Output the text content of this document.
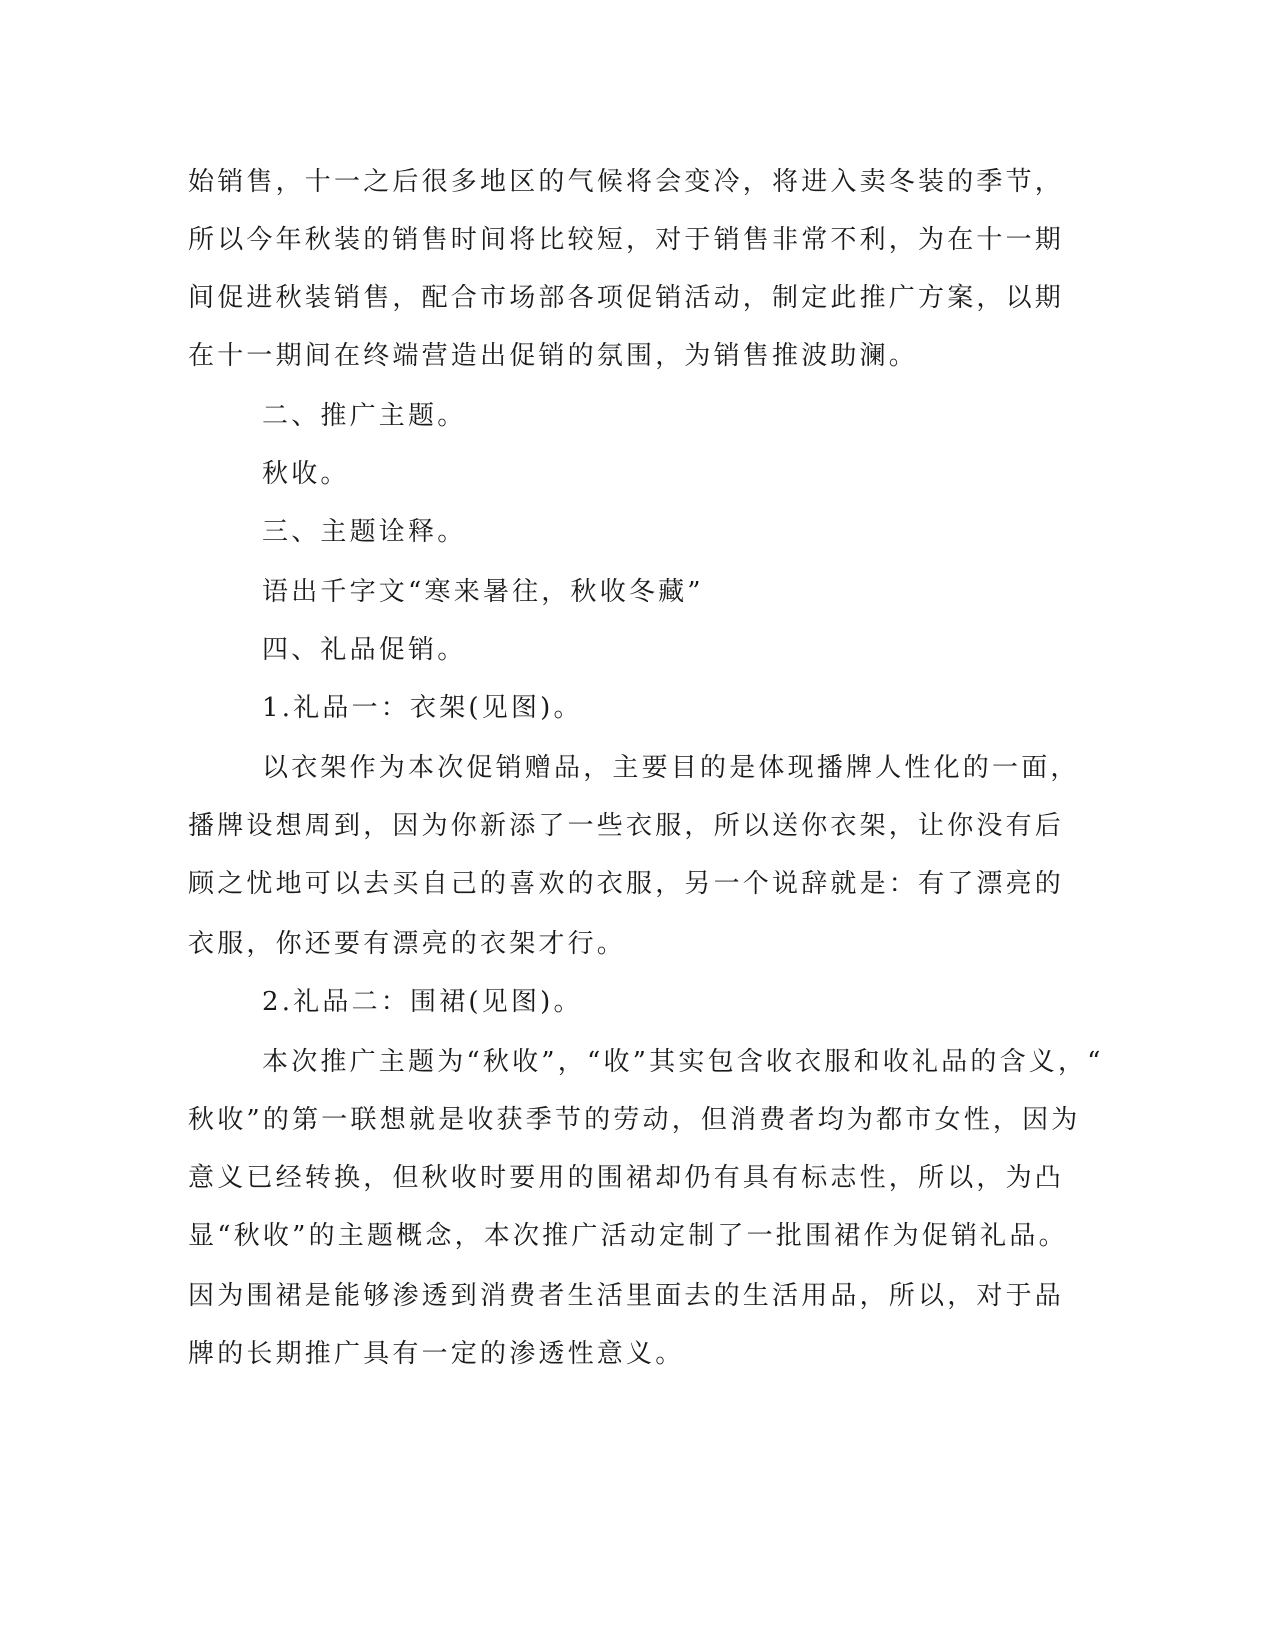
始销售，十一之后很多地区的气候将会变冷，将进入卖冬装的季节，
所以今年秋装的销售时间将比较短，对于销售非常不利，为在十一期
间促进秋装销售，配合市场部各项促销活动，制定此推广方案，以期
在十一期间在终端营造出促销的氛围，为销售推波助澜。
二、推广主题。
秋收。
三、主题诠释。
语出千字文“寒来暑往，秋收冬藏”
四、礼品促销。
1.礼品一：衣架(见图)。
以衣架作为本次促销赠品，主要目的是体现播牌人性化的一面，
播牌设想周到，因为你新添了一些衣服，所以送你衣架，让你没有后
顾之忧地可以去买自己的喜欢的衣服，另一个说辞就是：有了漂亮的
衣服，你还要有漂亮的衣架才行。
2.礼品二：围裙(见图)。
本次推广主题为“秋收”，“收”其实包含收衣服和收礼品的含义，“
秋收”的第一联想就是收获季节的劳动，但消费者均为都市女性，因为
意义已经转换，但秋收时要用的围裙却仍有具有标志性，所以，为凸
显“秋收”的主题概念，本次推广活动定制了一批围裙作为促销礼品。
因为围裙是能够渗透到消费者生活里面去的生活用品，所以，对于品
牌的长期推广具有一定的渗透性意义。
